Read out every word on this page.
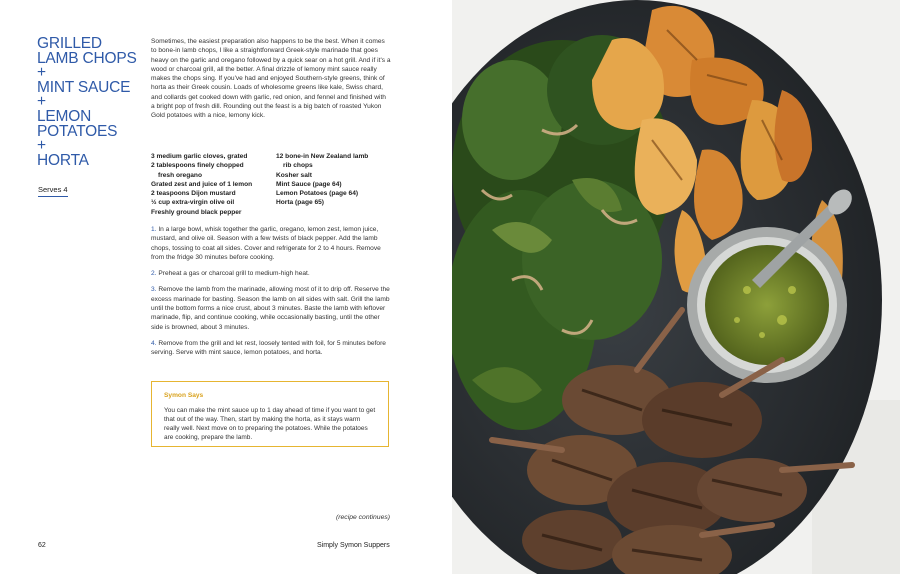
GRILLED
LAMB CHOPS
+
MINT SAUCE
+
LEMON
POTATOES
+
HORTA
Serves 4

Sometimes, the easiest preparation also happens to be the best. When it comes to bone-in lamb chops, I like a straightforward Greek-style marinade that goes heavy on the garlic and oregano followed by a quick sear on a hot grill. And if it's a wood or charcoal grill, all the better. A final drizzle of lemony mint sauce really makes the chops sing. If you've had and enjoyed Southern-style greens, think of horta as their Greek cousin. Loads of wholesome greens like kale, Swiss chard, and collards get cooked down with garlic, red onion, and fennel and finished with a bright pop of fresh dill. Rounding out the feast is a big batch of roasted Yukon Gold potatoes with a nice, lemony kick.

3 medium garlic cloves, grated
2 tablespoons finely chopped
fresh oregano
Grated zest and juice of 1 lemon
2 teaspoons Dijon mustard
½ cup extra-virgin olive oil
Freshly ground black pepper
12 bone-in New Zealand lamb
rib chops
Kosher salt
Mint Sauce (page 64)
Lemon Potatoes (page 64)
Horta (page 65)

1. In a large bowl, whisk together the garlic, oregano, lemon zest, lemon juice, mustard, and olive oil. Season with a few twists of black pepper. Add the lamb chops, tossing to coat all sides. Cover and refrigerate for 2 to 4 hours. Remove from the fridge 30 minutes before cooking.

2. Preheat a gas or charcoal grill to medium-high heat.

3. Remove the lamb from the marinade, allowing most of it to drip off. Reserve the excess marinade for basting. Season the lamb on all sides with salt. Grill the lamb until the bottom forms a nice crust, about 3 minutes. Baste the lamb with leftover marinade, flip, and continue cooking, while occasionally basting, until the other side is browned, about 3 minutes.

4. Remove from the grill and let rest, loosely tented with foil, for 5 minutes before serving. Serve with mint sauce, lemon potatoes, and horta.

Symon Says

You can make the mint sauce up to 1 day ahead of time if you want to get that out of the way. Then, start by making the horta, as it stays warm really well. Next move on to preparing the potatoes. While the potatoes are cooking, prepare the lamb.

(recipe continues)
62	Simply Symon Suppers
